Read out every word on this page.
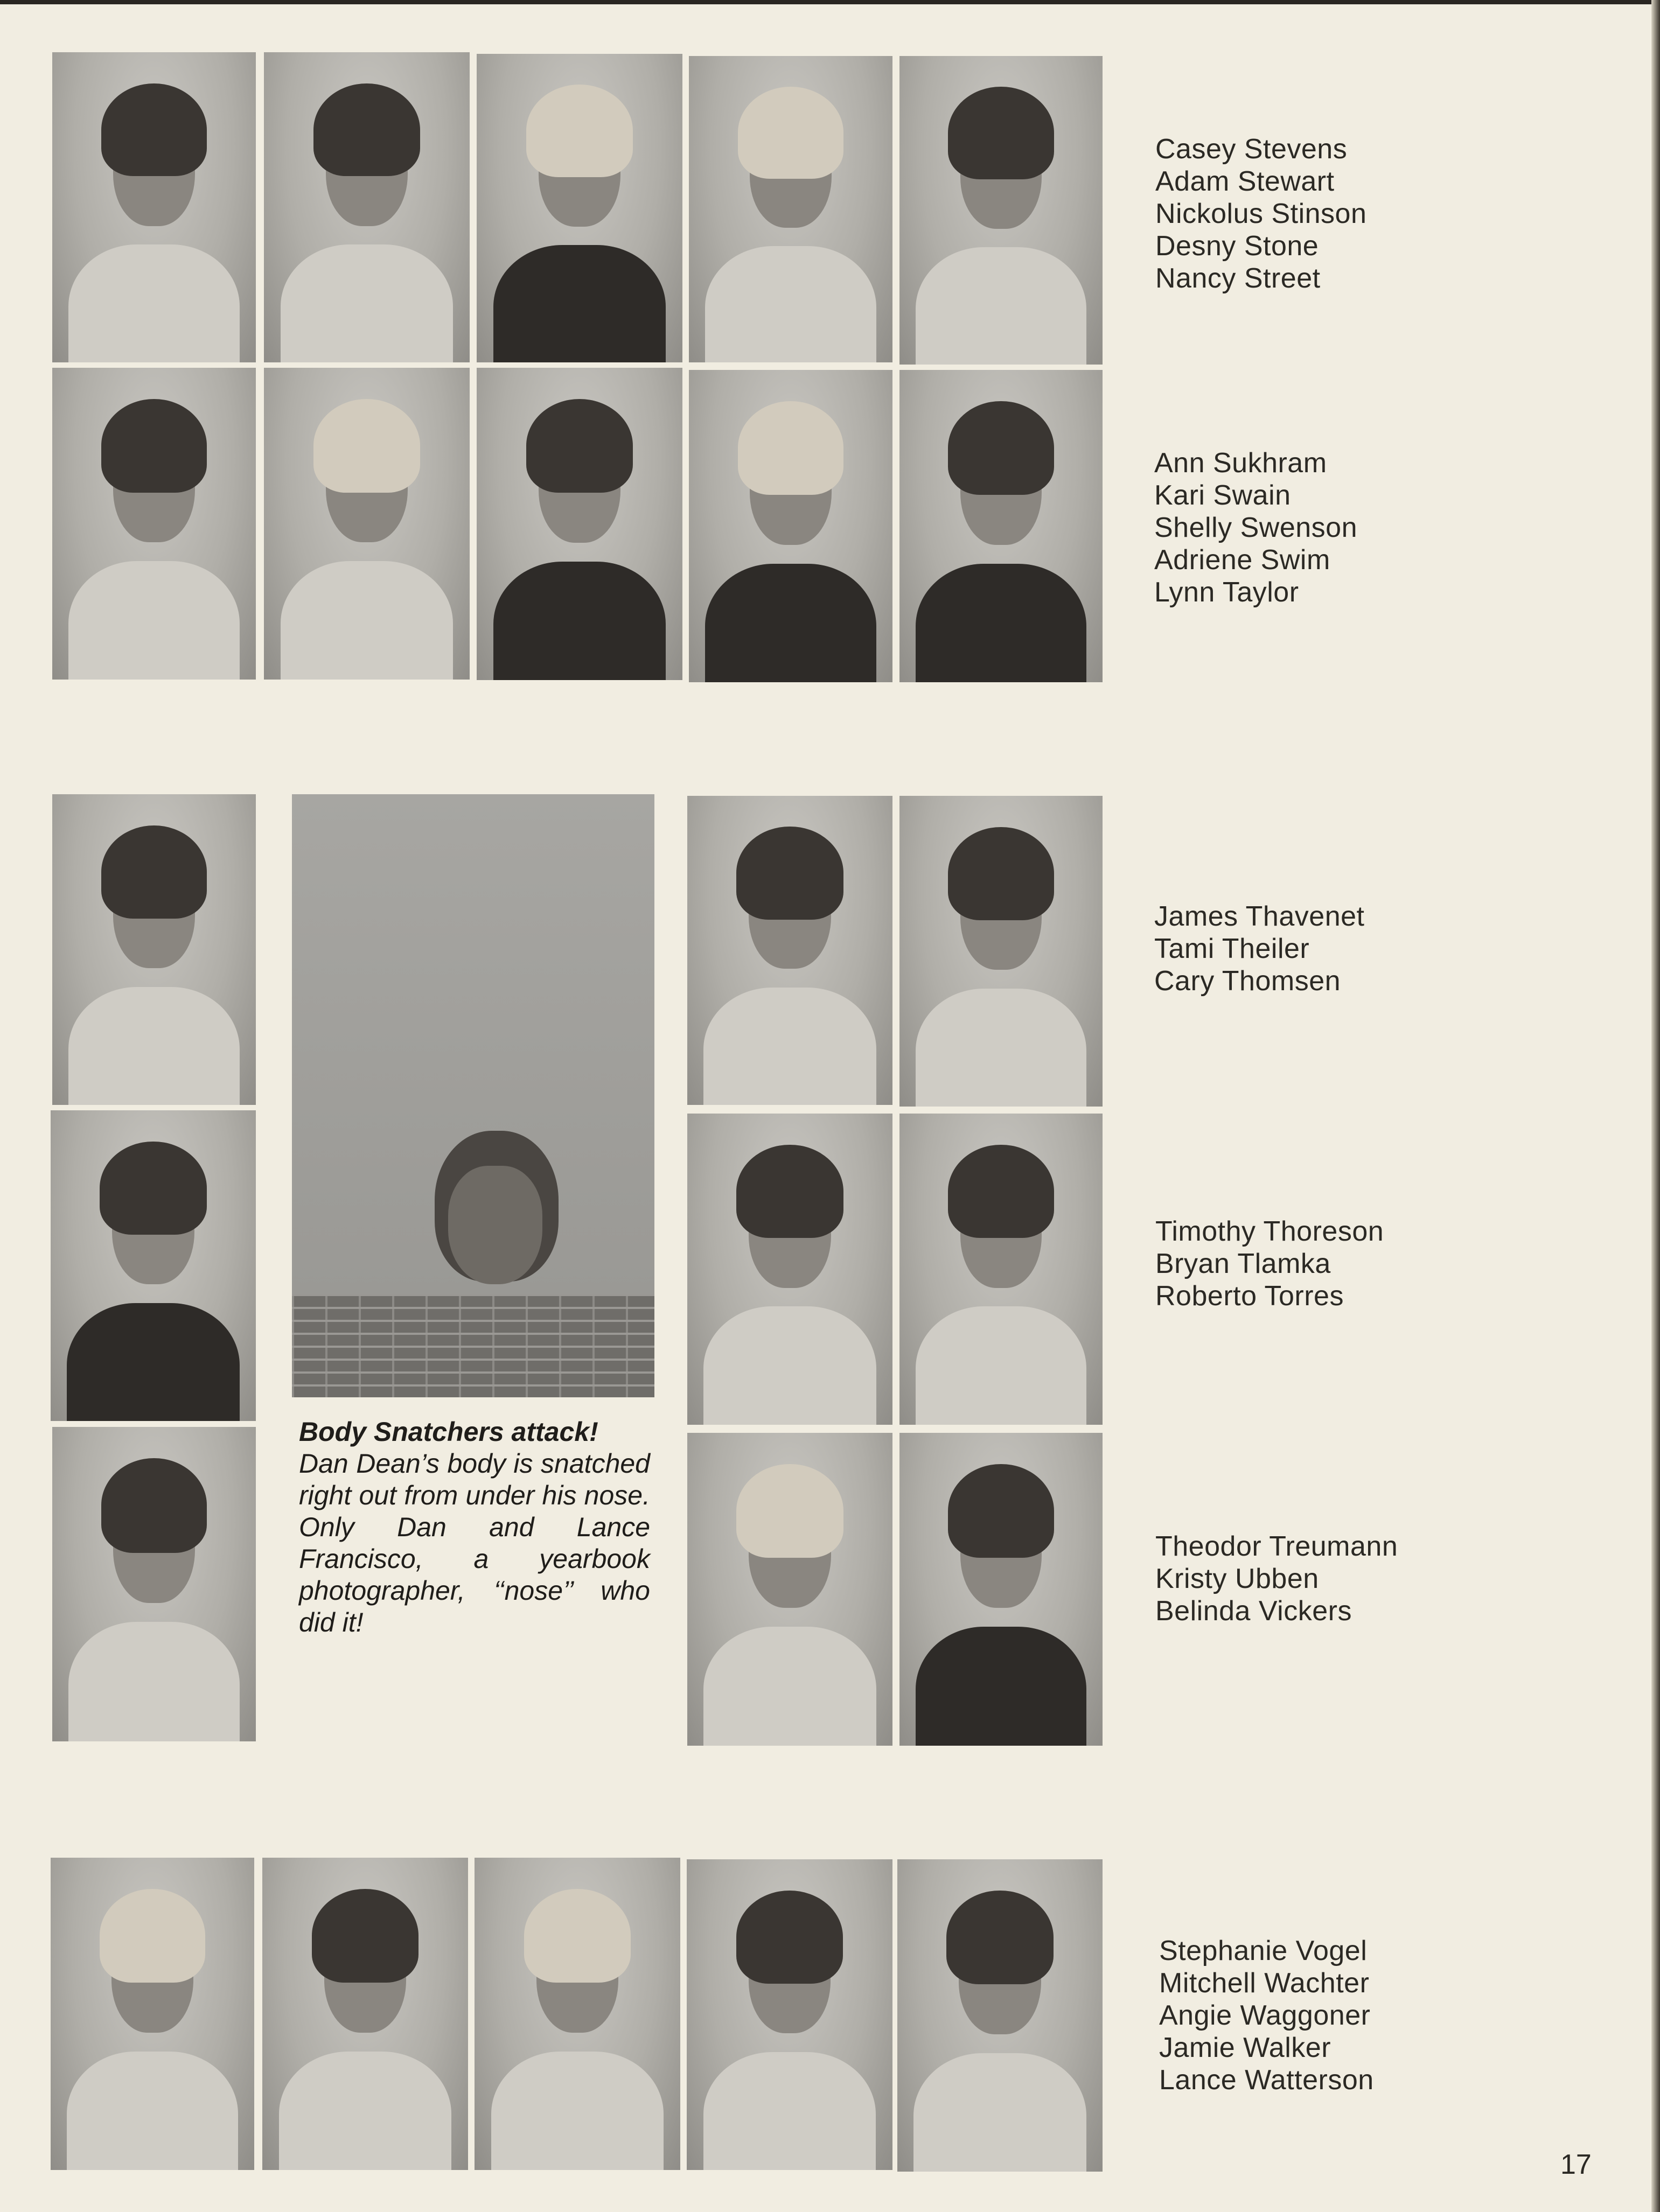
Casey Stevens
Adam Stewart
Nickolus Stinson
Desny Stone
Nancy Street
Ann Sukhram
Kari Swain
Shelly Swenson
Adriene Swim
Lynn Taylor
Body Snatchers attack!
Dan Dean’s body is snatched right out from under his nose. Only Dan and Lance Francisco, a yearbook photographer, ‘‘nose’’ who did it!
James Thavenet
Tami Theiler
Cary Thomsen
Timothy Thoreson
Bryan Tlamka
Roberto Torres
Theodor Treumann
Kristy Ubben
Belinda Vickers
Stephanie Vogel
Mitchell Wachter
Angie Waggoner
Jamie Walker
Lance Watterson
17
